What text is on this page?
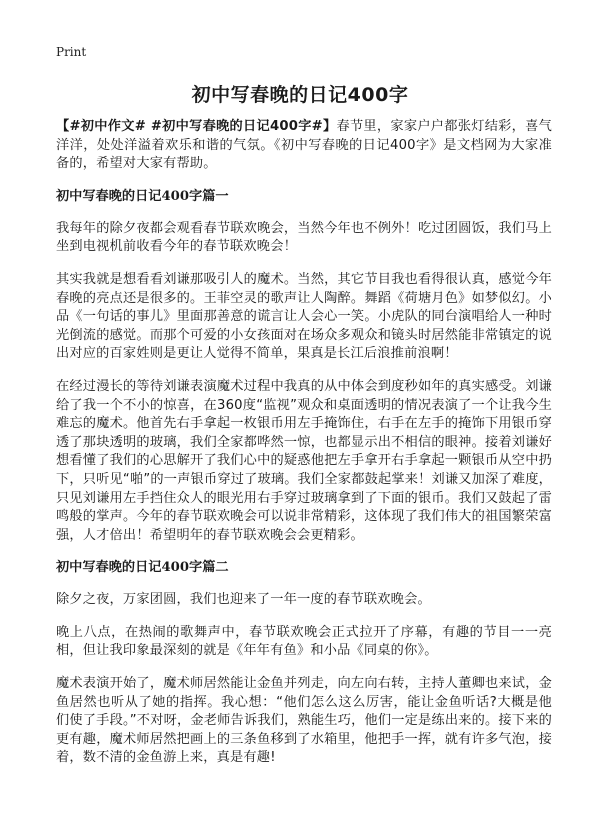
Print
初中写春晚的日记400字

【#初中作文# #初中写春晚的日记400字#】春节里，家家户户都张灯结彩，喜气洋洋，处处洋溢着欢乐和谐的气氛。《初中写春晚的日记400字》是文档网为大家准备的，希望对大家有帮助。

初中写春晚的日记400字篇一

我每年的除夕夜都会观看春节联欢晚会，当然今年也不例外！吃过团圆饭，我们马上坐到电视机前收看今年的春节联欢晚会！

其实我就是想看看刘谦那吸引人的魔术。当然，其它节目我也看得很认真，感觉今年春晚的亮点还是很多的。王菲空灵的歌声让人陶醉。舞蹈《荷塘月色》如梦似幻。小品《一句话的事儿》里面那善意的谎言让人会心一笑。小虎队的同台演唱给人一种时光倒流的感觉。而那个可爱的小女孩面对在场众多观众和镜头时居然能非常镇定的说出对应的百家姓则是更让人觉得不简单，果真是长江后浪推前浪啊！

在经过漫长的等待刘谦表演魔术过程中我真的从中体会到度秒如年的真实感受。刘谦给了我一个不小的惊喜，在360度“监视”观众和桌面透明的情况表演了一个让我今生难忘的魔术。他首先右手拿起一枚银币用左手掩饰住，右手在左手的掩饰下用银币穿透了那块透明的玻璃，我们全家都哗然一惊，也都显示出不相信的眼神。接着刘谦好想看懂了我们的心思解开了我们心中的疑惑他把左手拿开右手拿起一颗银币从空中扔下，只听见“啪”的一声银币穿过了玻璃。我们全家都鼓起掌来！刘谦又加深了难度，只见刘谦用左手挡住众人的眼光用右手穿过玻璃拿到了下面的银币。我们又鼓起了雷鸣般的掌声。今年的春节联欢晚会可以说非常精彩，这体现了我们伟大的祖国繁荣富强，人才倍出！希望明年的春节联欢晚会会更精彩。

初中写春晚的日记400字篇二

除夕之夜，万家团圆，我们也迎来了一年一度的春节联欢晚会。

晚上八点，在热闹的歌舞声中，春节联欢晚会正式拉开了序幕，有趣的节目一一亮相，但让我印象最深刻的就是《年年有鱼》和小品《同桌的你》。

魔术表演开始了，魔术师居然能让金鱼并列走，向左向右转，主持人董卿也来试，金鱼居然也听从了她的指挥。我心想：“他们怎么这么厉害，能让金鱼听话?大概是他们使了手段。”不对呀，金老师告诉我们，熟能生巧，他们一定是练出来的。接下来的更有趣，魔术师居然把画上的三条鱼移到了水箱里，他把手一挥，就有许多气泡，接着，数不清的金鱼游上来，真是有趣!
